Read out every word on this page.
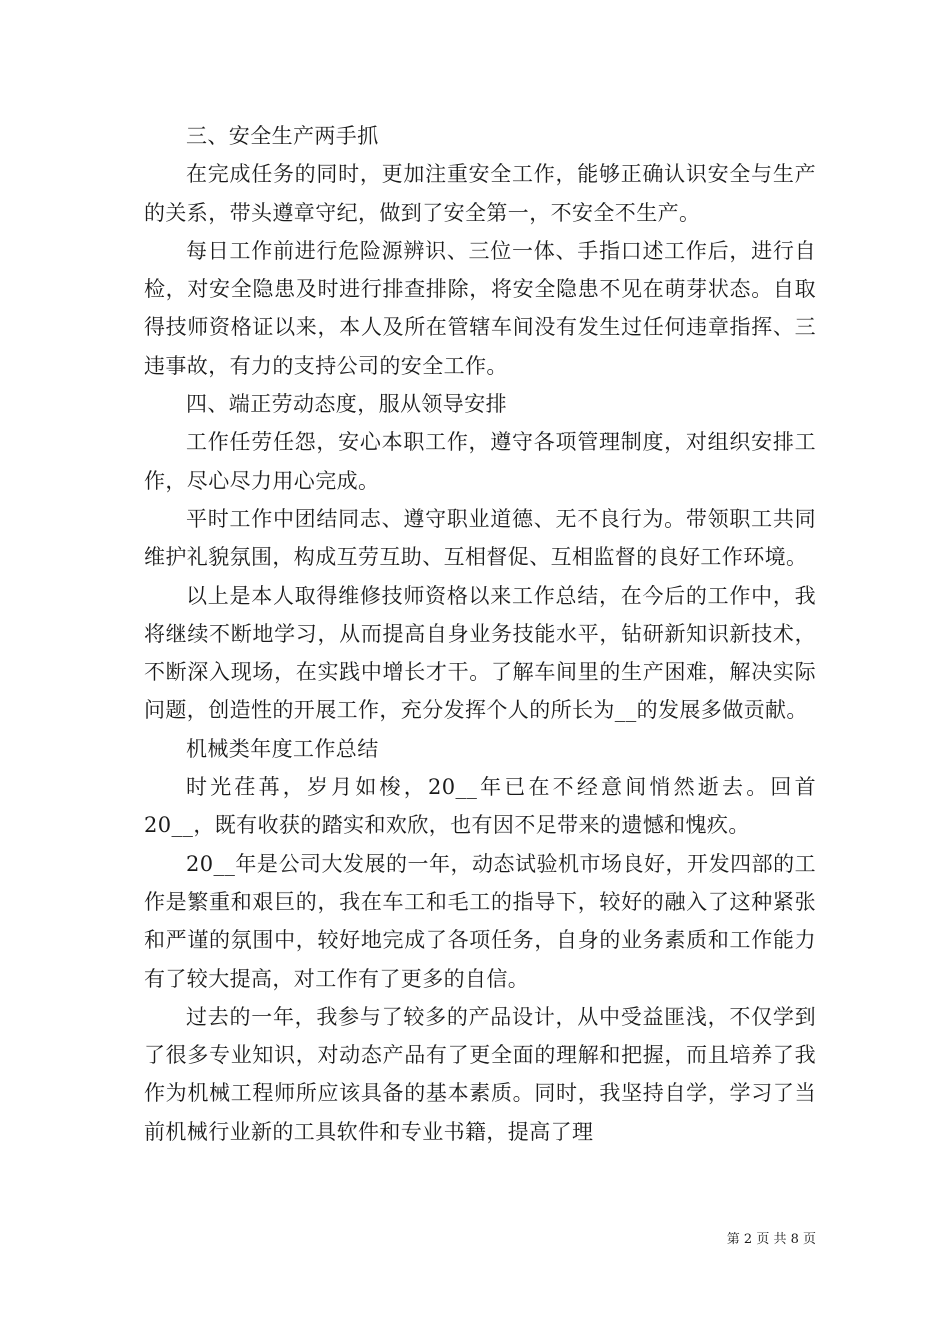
三、安全生产两手抓

在完成任务的同时，更加注重安全工作，能够正确认识安全与生产的关系，带头遵章守纪，做到了安全第一，不安全不生产。

每日工作前进行危险源辨识、三位一体、手指口述工作后，进行自检，对安全隐患及时进行排查排除，将安全隐患不见在萌芽状态。自取得技师资格证以来，本人及所在管辖车间没有发生过任何违章指挥、三违事故，有力的支持公司的安全工作。

四、端正劳动态度，服从领导安排

工作任劳任怨，安心本职工作，遵守各项管理制度，对组织安排工作，尽心尽力用心完成。

平时工作中团结同志、遵守职业道德、无不良行为。带领职工共同维护礼貌氛围，构成互劳互助、互相督促、互相监督的良好工作环境。

以上是本人取得维修技师资格以来工作总结，在今后的工作中，我将继续不断地学习，从而提高自身业务技能水平，钻研新知识新技术，不断深入现场，在实践中增长才干。了解车间里的生产困难，解决实际问题，创造性的开展工作，充分发挥个人的所长为__的发展多做贡献。

机械类年度工作总结

时光荏苒，岁月如梭，20__年已在不经意间悄然逝去。回首20__，既有收获的踏实和欢欣，也有因不足带来的遗憾和愧疚。

20__年是公司大发展的一年，动态试验机市场良好，开发四部的工作是繁重和艰巨的，我在车工和毛工的指导下，较好的融入了这种紧张和严谨的氛围中，较好地完成了各项任务，自身的业务素质和工作能力有了较大提高，对工作有了更多的自信。

过去的一年，我参与了较多的产品设计，从中受益匪浅，不仅学到了很多专业知识，对动态产品有了更全面的理解和把握，而且培养了我作为机械工程师所应该具备的基本素质。同时，我坚持自学，学习了当前机械行业新的工具软件和专业书籍，提高了理

第 2 页 共 8 页
